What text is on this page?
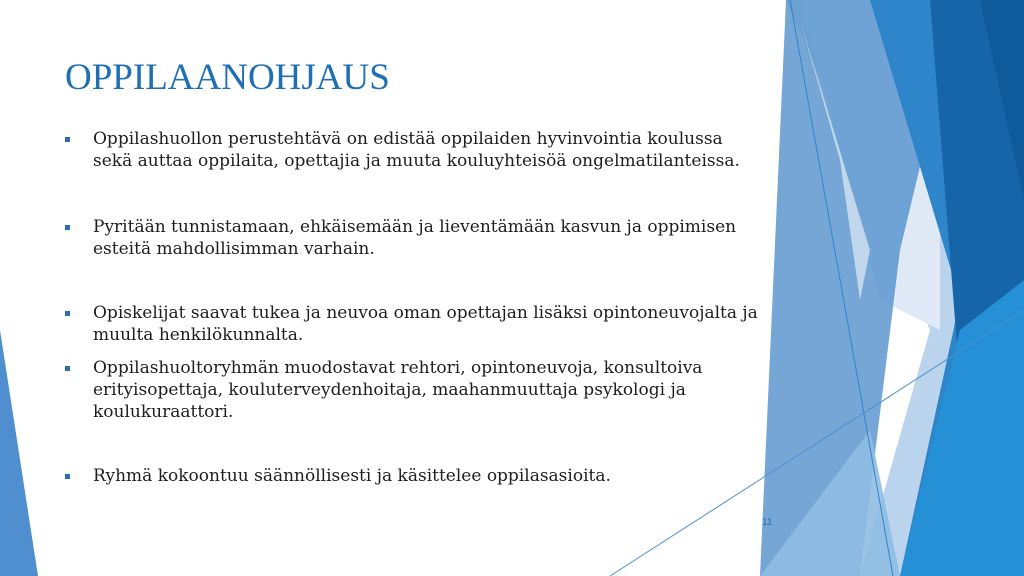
OPPILAANOHJAUS
Oppilashuollon perustehtävä on edistää oppilaiden hyvinvointia koulussa sekä auttaa oppilaita, opettajia ja muuta kouluyhteisöä ongelmatilanteissa.
Pyritään tunnistamaan, ehkäisemään ja lieventämään kasvun ja oppimisen esteitä mahdollisimman varhain.
Opiskelijat saavat tukea ja neuvoa oman opettajan lisäksi opintoneuvojalta ja muulta henkilökunnalta.
Oppilashuoltoryhmän muodostavat rehtori, opintoneuvoja, konsultoiva erityisopettaja, kouluterveydenhoitaja, maahanmuuttaja psykologi ja koulukuraattori.
Ryhmä kokoontuu säännöllisesti ja käsittelee oppilasasioita.
11
